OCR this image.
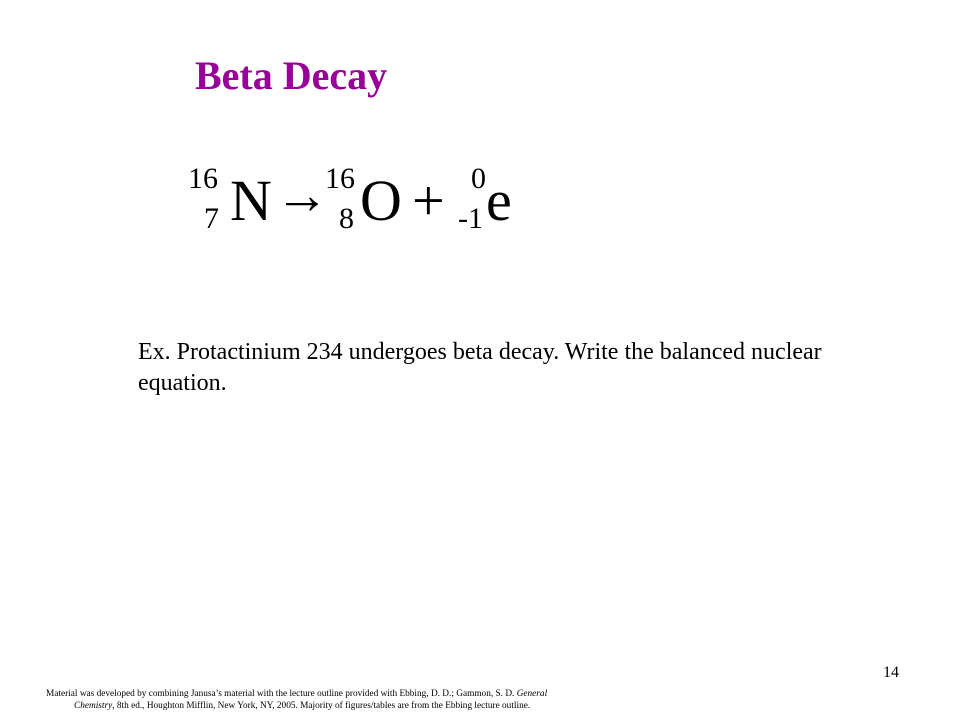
Beta Decay
16
7 N →
16
8 O + 0
-1 e
Ex. Protactinium 234 undergoes beta decay. Write the balanced nuclear equation.
14
Material was developed by combining Janusa’s material with the lecture outline provided with Ebbing, D. D.; Gammon, S. D. General
Chemistry, 8th ed., Houghton Mifflin, New York, NY, 2005. Majority of figures/tables are from the Ebbing lecture outline.
